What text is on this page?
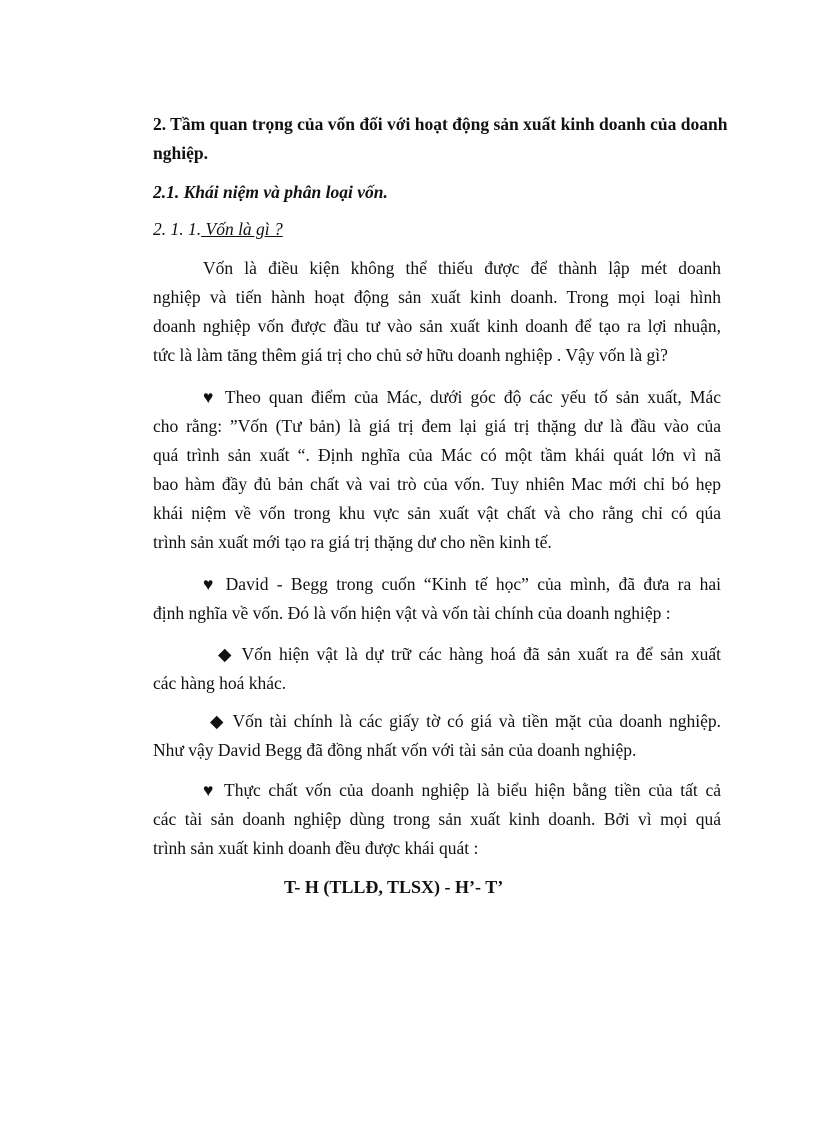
2. Tầm quan trọng của vốn đối với hoạt động sản xuất kinh doanh của doanh
nghiệp.
2.1. Khái niệm và phân loại vốn.
2. 1. 1. Vốn là gì ?
Vốn là điều kiện không thể thiếu được để thành lập mét doanh
nghiệp và tiến hành hoạt động sản xuất kinh doanh. Trong mọi loại hình
doanh nghiệp vốn được đầu tư vào sản xuất kinh doanh để tạo ra lợi nhuận,
tức là làm tăng thêm giá trị cho chủ sở hữu doanh nghiệp . Vậy vốn là gì?
♥ Theo quan điểm của Mác, dưới góc độ các yếu tố sản xuất, Mác
cho rằng: ”Vốn (Tư bản) là giá trị đem lại giá trị thặng dư là đầu vào của
quá trình sản xuất “. Định nghĩa của Mác có một tầm khái quát lớn vì nã
bao hàm đầy đủ bản chất và vai trò của vốn. Tuy nhiên Mac mới chỉ bó hẹp
khái niệm về vốn trong khu vực sản xuất vật chất và cho rằng chỉ có qúa
trình sản xuất mới tạo ra giá trị thặng dư cho nền kinh tế.
♥ David - Begg trong cuốn “Kinh tế học” của mình, đã đưa ra hai
định nghĩa về vốn. Đó là vốn hiện vật và vốn tài chính của doanh nghiệp :
◆ Vốn hiện vật là dự trữ các hàng hoá đã sản xuất ra để sản xuất
các hàng hoá khác.
◆ Vốn tài chính là các giấy tờ có giá và tiền mặt của doanh nghiệp.
Như vậy David Begg đã đồng nhất vốn với tài sản của doanh nghiệp.
♥ Thực chất vốn của doanh nghiệp là biểu hiện bằng tiền của tất cả
các tài sản doanh nghiệp dùng trong sản xuất kinh doanh. Bởi vì mọi quá
trình sản xuất kinh doanh đều được khái quát :
T- H (TLLĐ, TLSX) - H’- T’
